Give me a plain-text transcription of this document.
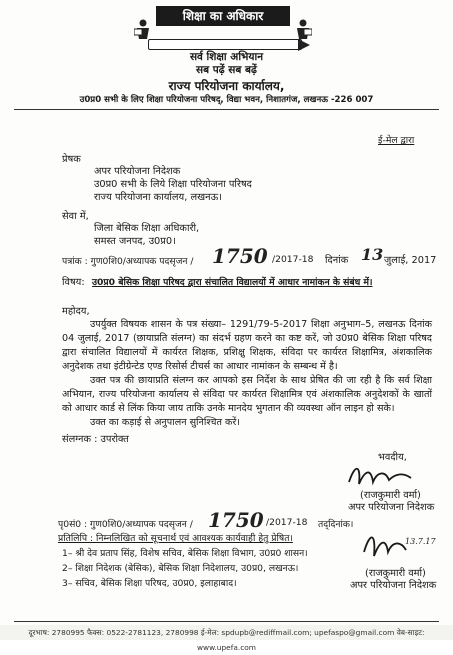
शिक्षा का अधिकार
सर्व शिक्षा अभियान
सब पढ़ें सब बढ़ें
राज्य परियोजना कार्यालय,
उ0प्र0 सभी के लिए शिक्षा परियोजना परिषद्, विद्या भवन, निशातगंज, लखनऊ -226 007
ई-मेल द्वारा
प्रेषक
अपर परियोजना निदेशक
उ0प्र0 सभी के लिये शिक्षा परियोजना परिषद
राज्य परियोजना कार्यालय, लखनऊ।
सेवा में,
जिला बेसिक शिक्षा अधिकारी,
समस्त जनपद, उ0प्र0।
पत्रांक : गुण0शि0/अध्यापक पदसृजन / 1750 /2017-18 दिनांक 13 जुलाई, 2017
विषय: उ0प्र0 बेसिक शिक्षा परिषद द्वारा संचालित विद्यालयों में आधार नामांकन के संबंध में।
महोदय,
उपर्युक्त विषयक शासन के पत्र संख्या– 1291/79-5-2017 शिक्षा अनुभाग–5, लखनऊ दिनांक 04 जुलाई, 2017 (छायाप्रति संलग्न) का संदर्भ ग्रहण करने का कष्ट करें, जो उ0प्र0 बेसिक शिक्षा परिषद द्वारा संचालित विद्यालयों में कार्यरत शिक्षक, प्रशिक्षु शिक्षक, संविदा पर कार्यरत शिक्षामित्र, अंशकालिक अनुदेशक तथा इंटीग्रेन्टेड एण्ड रिसोर्स टीचर्स का आधार नामांकन के सम्बन्ध में है।
उक्त पत्र की छायाप्रति संलग्न कर आपको इस निर्देश के साथ प्रेषित की जा रही है कि सर्व शिक्षा अभियान, राज्य परियोजना कार्यालय से संविदा पर कार्यरत शिक्षामित्र एवं अंशकालिक अनुदेशकों के खातों को आधार कार्ड से लिंक किया जाय ताकि उनके मानदेय भुगतान की व्यवस्था ऑन लाइन हो सके।
उक्त का कड़ाई से अनुपालन सुनिश्चित करें।
संलग्नक : उपरोक्त
भवदीय,
(राजकुमारी वर्मा)
अपर परियोजना निदेशक
पृ0सं0 : गुण0शि0/अध्यापक पदसृजन / 1750 /2017-18 तद्‌दिनांक।
प्रतिलिपि : निम्नलिखित को सूचनार्थ एवं आवश्यक कार्यवाही हेतु प्रेषित।
1– श्री देव प्रताप सिंह, विशेष सचिव, बेसिक शिक्षा विभाग, उ0प्र0 शासन।
2– शिक्षा निदेशक (बेसिक), बेसिक शिक्षा निदेशालय, उ0प्र0, लखनऊ।
3– सचिव, बेसिक शिक्षा परिषद, उ0प्र0, इलाहाबाद।
13.7.17
(राजकुमारी वर्मा)
अपर परियोजना निदेशक
दूरभाष: 2780995 फैक्स: 0522-2781123, 2780998 ई-मेल: spdupb@rediffmail.com; upefaspo@gmail.com वेब-साइट: www.upefa.com
